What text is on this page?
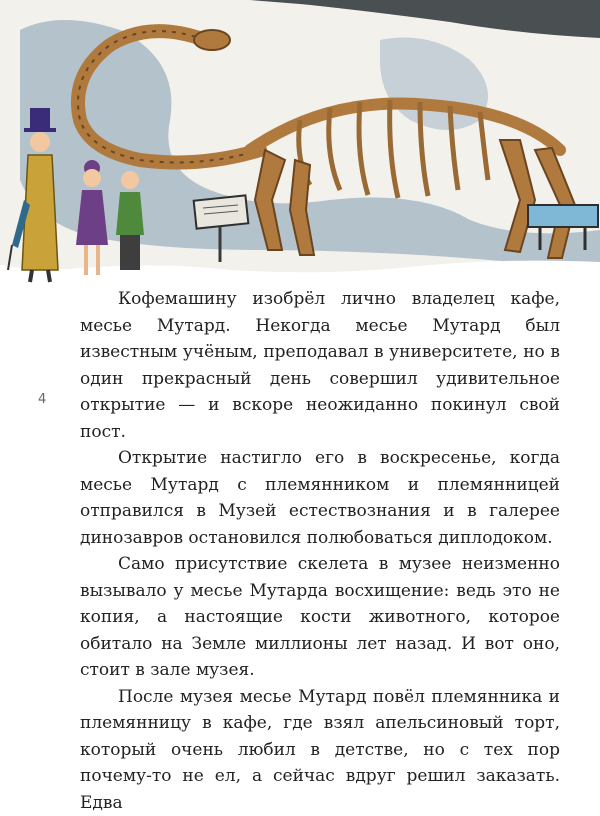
4

Кофемашину изобрёл лично владелец кафе, месье Мутард. Некогда месье Мутард был известным учёным, преподавал в университете, но в один прекрасный день совершил удивительное открытие — и вскоре неожиданно покинул свой пост.

Открытие настигло его в воскресенье, когда месье Мутард с племянником и племянницей отправился в Музей естествознания и в галерее динозавров остановился полюбоваться диплодоком.

Само присутствие скелета в музее неизменно вызывало у месье Мутарда восхищение: ведь это не копия, а настоящие кости животного, которое обитало на Земле миллионы лет назад. И вот оно, стоит в зале музея.

После музея месье Мутард повёл племянника и племянницу в кафе, где взял апельсиновый торт, который очень любил в детстве, но с тех пор почему-то не ел, а сейчас вдруг решил заказать. Едва
